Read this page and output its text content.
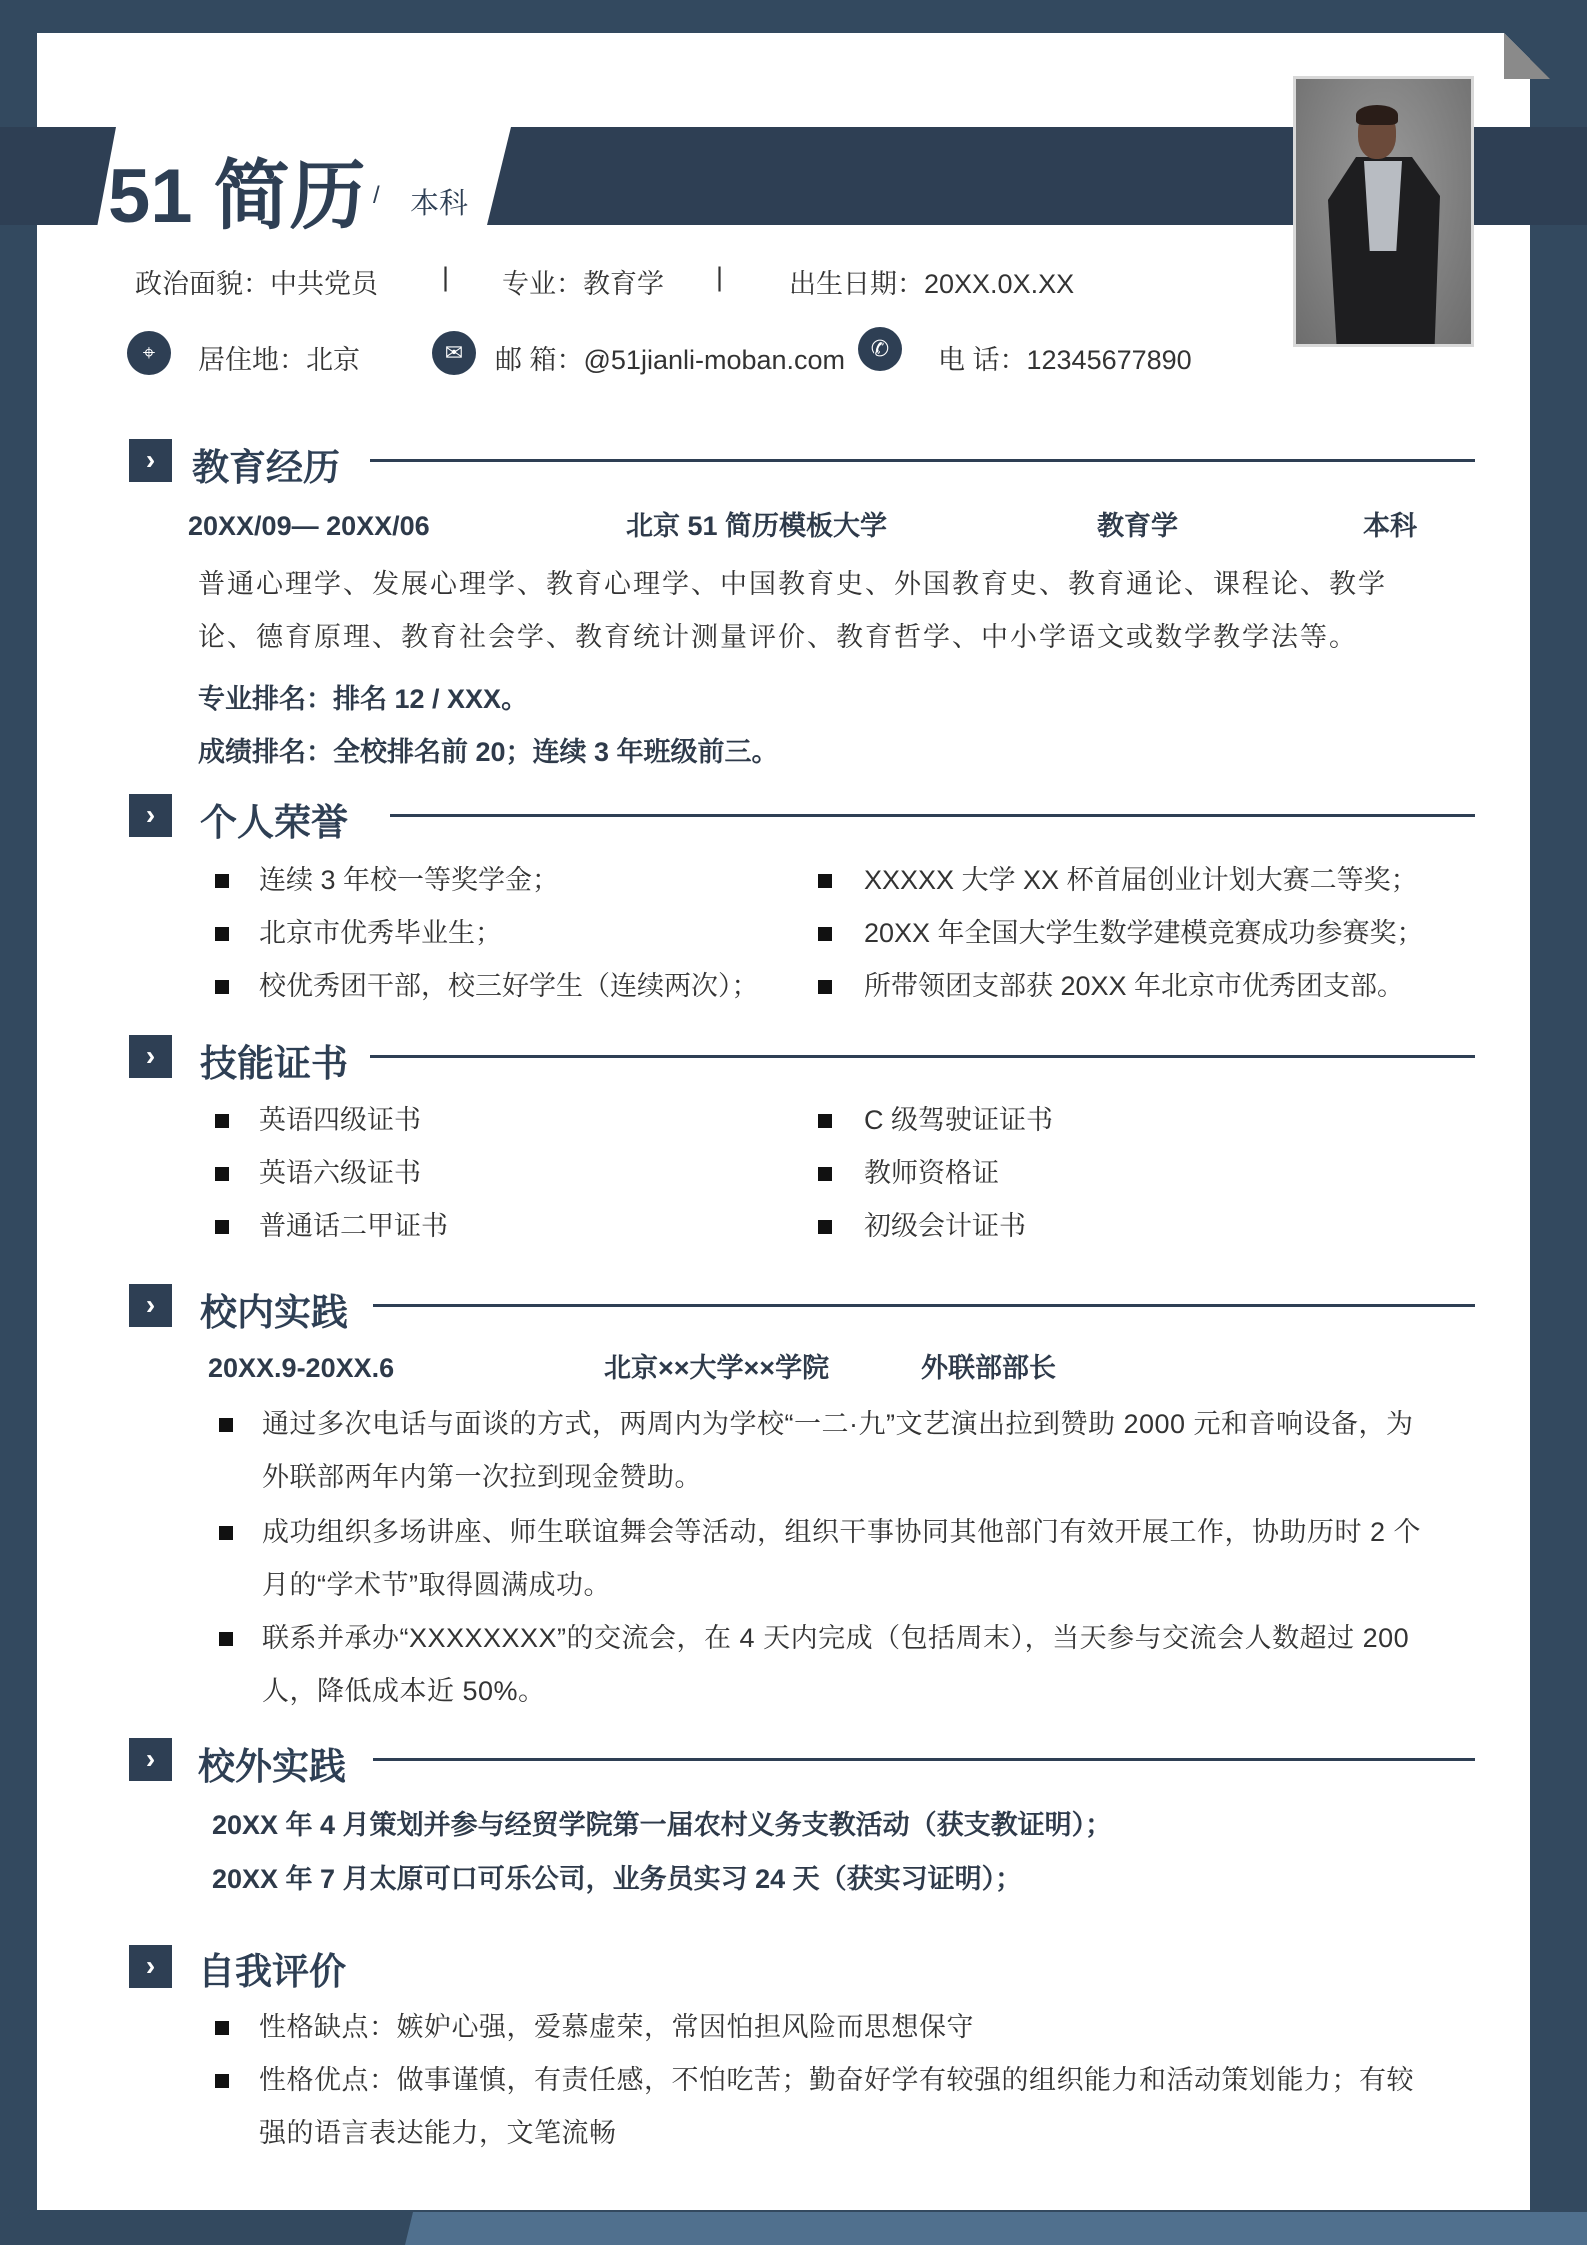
51 简历 / 本科
政治面貌：中共党员 | 专业：教育学 | 出生日期：20XX.0X.XX
⌖	居住地：北京	✉	邮 箱：@51jianli-moban.com	✆	电 话：12345677890
› 教育经历
20XX/09— 20XX/06	北京 51 简历模板大学	教育学	本科
普通心理学、发展心理学、教育心理学、中国教育史、外国教育史、教育通论、课程论、教学论、德育原理、教育社会学、教育统计测量评价、教育哲学、中小学语文或数学教学法等。
专业排名：排名 12 / XXX。
成绩排名：全校排名前 20；连续 3 年班级前三。
›	个人荣誉
›	技能证书
›	校内实践
20XX.9-20XX.6	北京××大学××学院	外联部部长
›	校外实践
20XX 年 4 月策划并参与经贸学院第一届农村义务支教活动（获支教证明）；
20XX 年 7 月太原可口可乐公司，业务员实习 24 天（获实习证明）；
›	自我评价
连续 3 年校一等奖学金；	XXXXX 大学 XX 杯首届创业计划大赛二等奖；
北京市优秀毕业生；	20XX 年全国大学生数学建模竞赛成功参赛奖；
校优秀团干部，校三好学生（连续两次）；	所带领团支部获 20XX 年北京市优秀团支部。
英语四级证书	C 级驾驶证证书
英语六级证书	教师资格证
普通话二甲证书	初级会计证书
通过多次电话与面谈的方式，两周内为学校“一二·九”文艺演出拉到赞助 2000 元和音响设备，为外联部两年内第一次拉到现金赞助。
成功组织多场讲座、师生联谊舞会等活动，组织干事协同其他部门有效开展工作，协助历时 2 个月的“学术节”取得圆满成功。
联系并承办“XXXXXXXX”的交流会，在 4 天内完成（包括周末），当天参与交流会人数超过 200 人，降低成本近 50%。
性格缺点：嫉妒心强，爱慕虚荣，常因怕担风险而思想保守
性格优点：做事谨慎，有责任感，不怕吃苦；勤奋好学有较强的组织能力和活动策划能力；有较强的语言表达能力，文笔流畅
